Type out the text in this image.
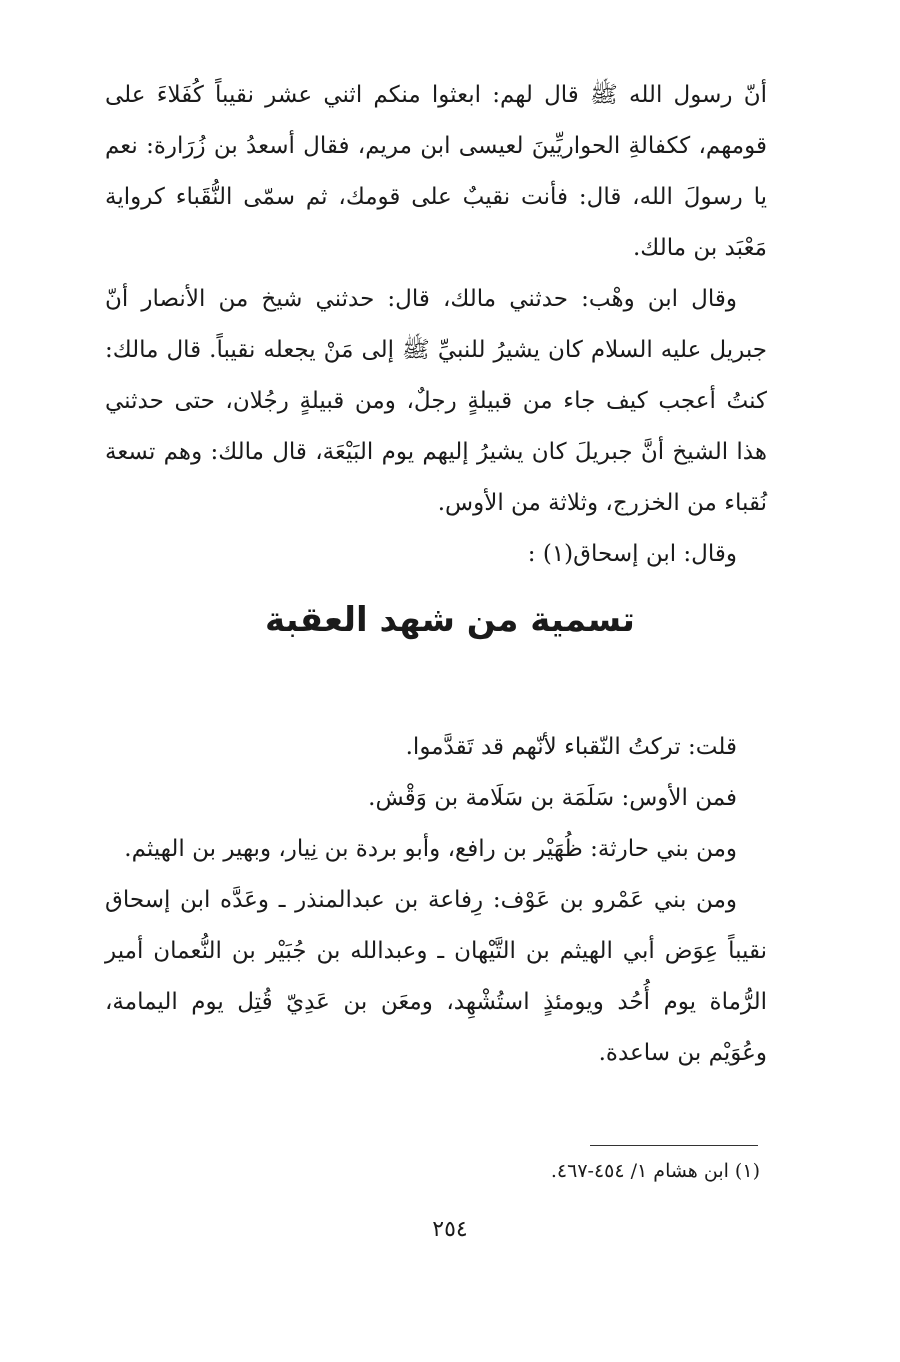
أنّ رسول الله ﷺ قال لهم: ابعثوا منكم اثني عشر نقيباً كُفَلاءَ على قومهم، ككفالةِ الحواريِّينَ لعيسى ابن مريم، فقال أسعدُ بن زُرَارة: نعم يا رسولَ الله، قال: فأنت نقيبٌ على قومك، ثم سمّى النُّقَباء كرواية مَعْبَد بن مالك.

وقال ابن وهْب: حدثني مالك، قال: حدثني شيخ من الأنصار أنّ جبريل عليه السلام كان يشيرُ للنبيِّ ﷺ إلى مَنْ يجعله نقيباً. قال مالك: كنتُ أعجب كيف جاء من قبيلةٍ رجلٌ، ومن قبيلةٍ رجُلان، حتى حدثني هذا الشيخ أنَّ جبريلَ كان يشيرُ إليهم يوم البَيْعَة، قال مالك: وهم تسعة نُقباء من الخزرج، وثلاثة من الأوس.

وقال: ابن إسحاق(١) :

تسمية من شهد العقبة

قلت: تركتُ النّقباء لأنّهم قد تَقدَّموا.

فمن الأوس: سَلَمَة بن سَلَامة بن وَقْش.

ومن بني حارثة: ظُهَيْر بن رافع، وأبو بردة بن نِيار، وبهير بن الهيثم.

ومن بني عَمْرو بن عَوْف: رِفاعة بن عبدالمنذر ـ وعَدَّه ابن إسحاق نقيباً عِوَض أبي الهيثم بن التَّيْهان ـ وعبدالله بن جُبَيْر بن النُّعمان أمير الرُّماة يوم أُحُد ويومئذٍ استُشْهِد، ومعَن بن عَدِيّ قُتِل يوم اليمامة، وعُوَيْم بن ساعدة.

(١) ابن هشام ١/ ٤٥٤-٤٦٧.
٢٥٤
